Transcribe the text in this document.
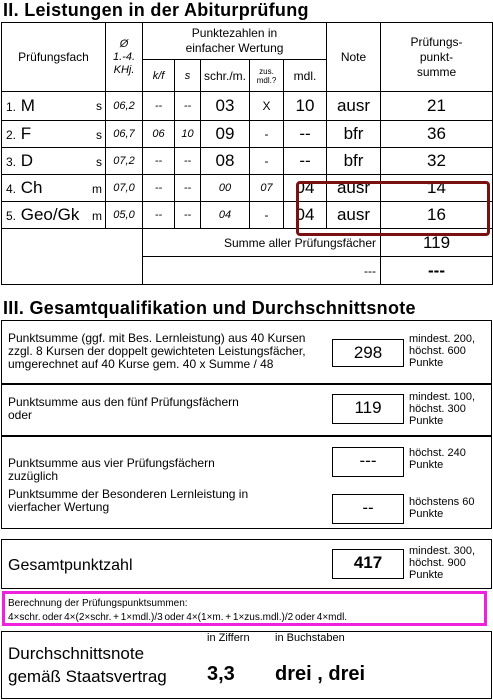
II. Leistungen in der Abiturprüfung
Prüfungsfach	Ø
1.-4.
KHj.	Punktezahlen in
einfacher Wertung					Note	Prüfungs-
punkt-
summe
		k/f	s	schr./m.	zus.
mdl.?	mdl.		
1. M s	06,2	--	--	03	X	10	ausr	21
2. F s	06,7	06	10	09	-	--	bfr	36
3. D s	07,2	--	--	08	-	--	bfr	32
4. Ch m	07,0	--	--	00	07	04	ausr	14
5. Geo/Gk m	05,0	--	--	04	-	04	ausr	16
		Summe aller Prüfungsfächer						119
		---						---
III. Gesamtqualifikation und Durchschnittsnote
Punktsumme (ggf. mit Bes. Lernleistung) aus 40 Kursen
zzgl. 8 Kursen der doppelt gewichteten Leistungsfächer,
umgerechnet auf 40 Kurse gem. 40 x Summe / 48
298
mindest. 200,
höchst. 600
Punkte
Punktsumme aus den fünf Prüfungsfächern
oder	119
mindest. 100,
höchst. 300
Punkte
Punktsumme aus vier Prüfungsfächern
zuzüglich
---	höchst. 240
Punkte
Punktsumme der Besonderen Lernleistung in
vierfacher Wertung	--	höchstens 60
Punkte
Gesamtpunktzahl	417
mindest. 300,
höchst. 900
Punkte
Berechnung der Prüfungspunktsummen:
4×schr. oder 4×(2×schr. + 1×mdl.)/3 oder 4×(1×m. + 1×zus.mdl.)/2 oder 4×mdl.
in Ziffern in Buchstaben
Durchschnittsnote
gemäß Staatsvertrag 3,3 drei , drei
